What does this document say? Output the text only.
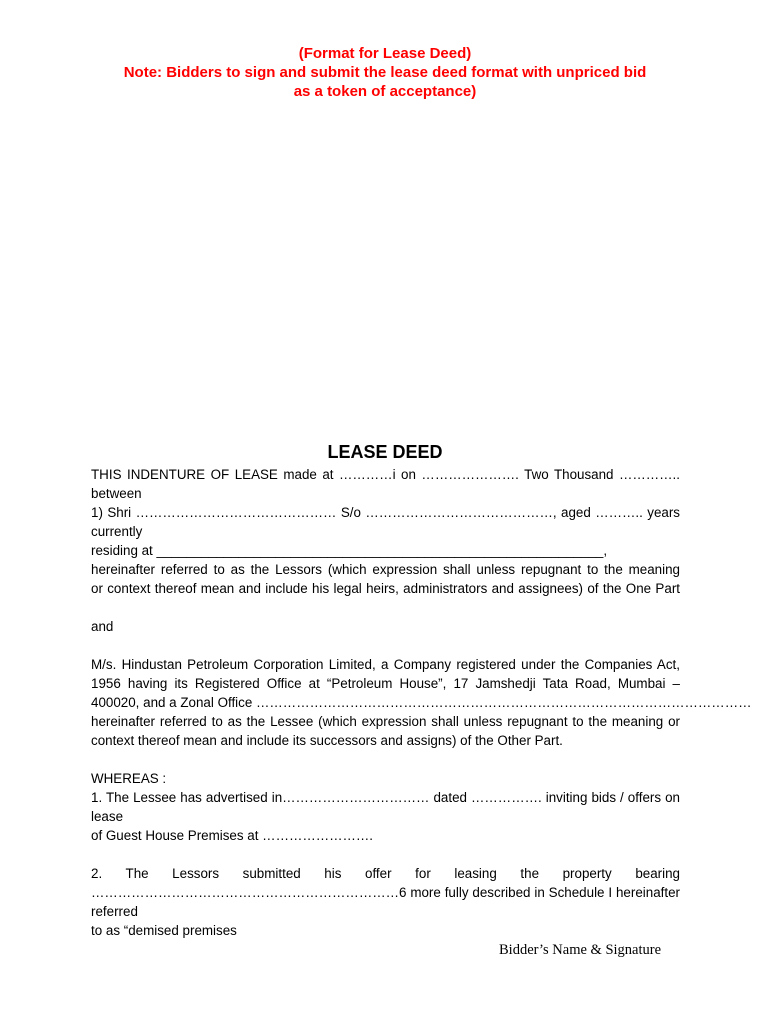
(Format for Lease Deed)
Note: Bidders to sign and submit the lease deed format with unpriced bid
as a token of acceptance)
LEASE DEED

THIS INDENTURE OF LEASE made at …………i on …………………. Two Thousand ………….. between

1) Shri ……………………………………… S/o ……………………………………, aged ……….. years currently

residing at ____________________________________________________________,

hereinafter referred to as the Lessors (which expression shall unless repugnant to the meaning

or context thereof mean and include his legal heirs, administrators and assignees) of the One Part

and

M/s. Hindustan Petroleum Corporation Limited, a Company registered under the Companies Act,

1956 having its Registered Office at “Petroleum House”, 17 Jamshedji Tata Road, Mumbai –

400020, and a Zonal Office …………………………………………………………………………………………………

hereinafter referred to as the Lessee (which expression shall unless repugnant to the meaning or

context thereof mean and include its successors and assigns) of the Other Part.

WHEREAS :

1. The Lessee has advertised in…………………………… dated ……………. inviting bids / offers on lease

of Guest House Premises at …………………….

2. The Lessors submitted his offer for leasing the property bearing

……………………………………………………………6 more fully described in Schedule I hereinafter referred

to as “demised premises

Bidder’s Name & Signature
